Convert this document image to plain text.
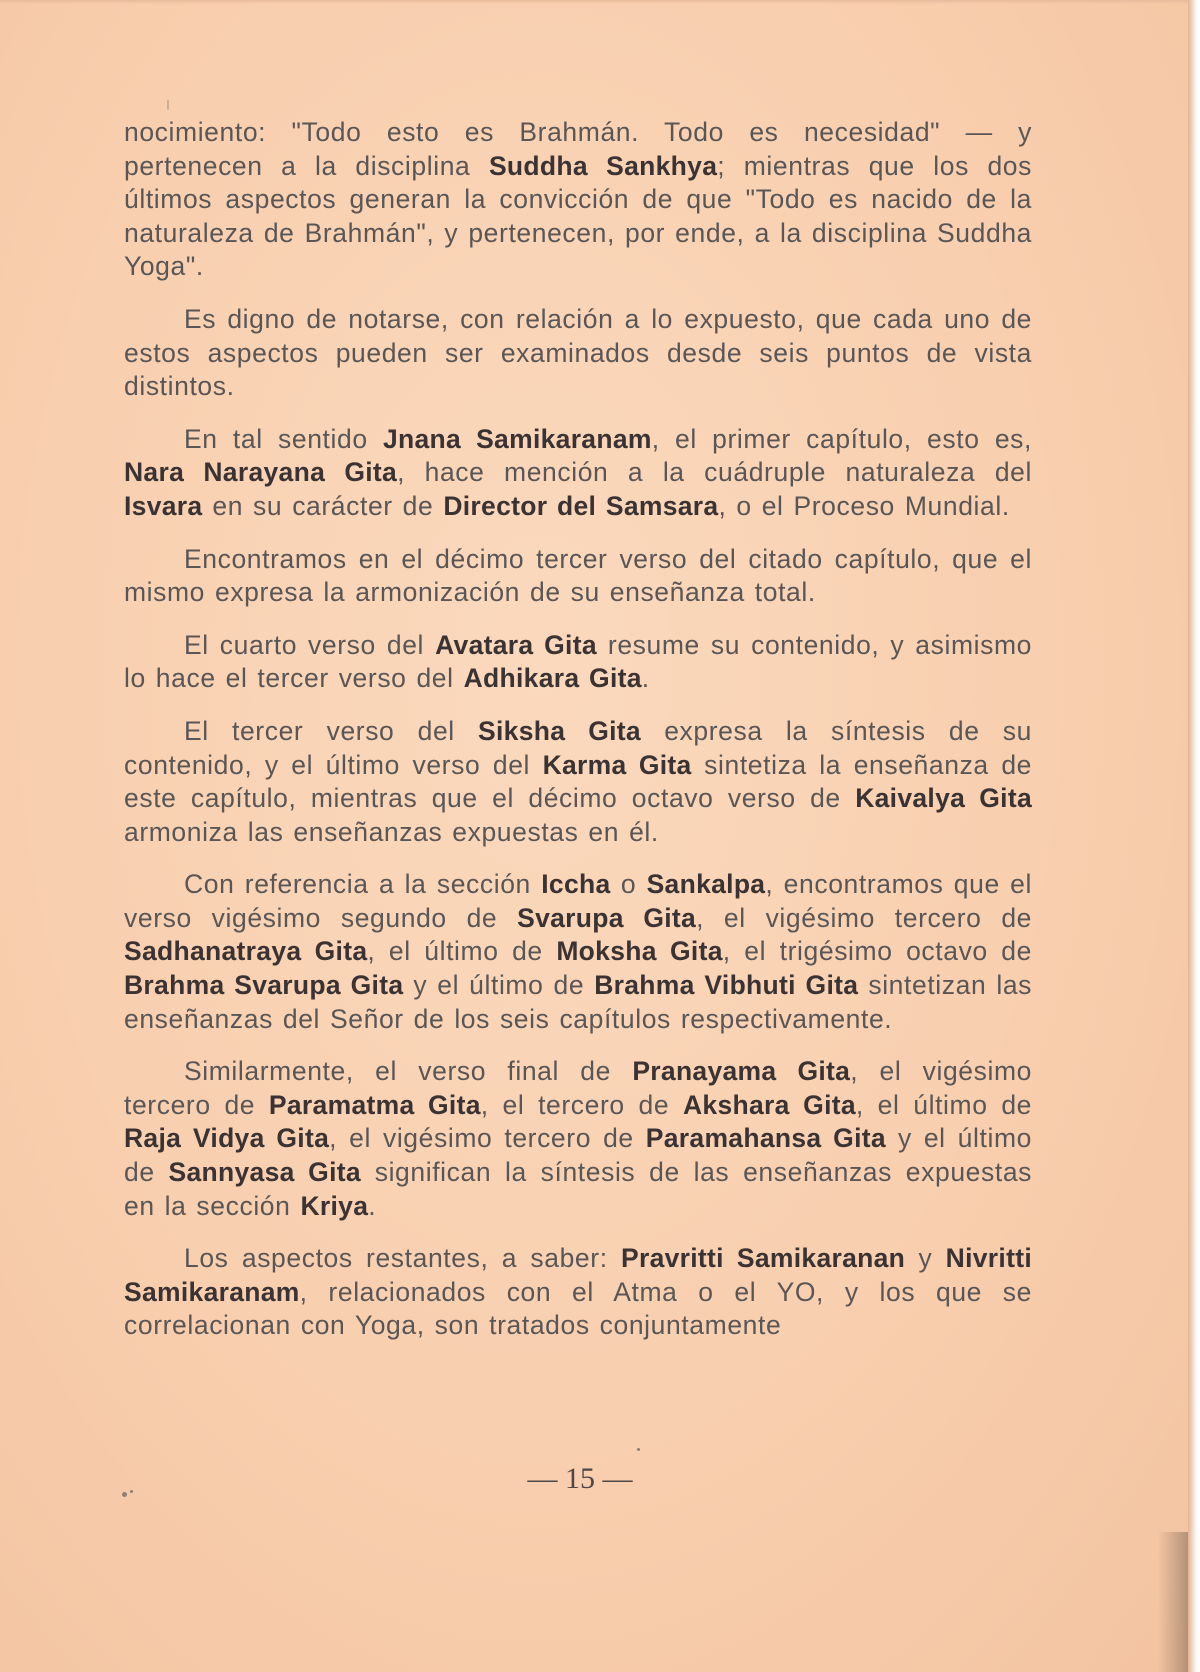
nocimiento: "Todo esto es Brahmán. Todo es necesidad" — y pertenecen a la disciplina Suddha Sankhya; mientras que los dos últimos aspectos generan la convicción de que "Todo es nacido de la naturaleza de Brahmán", y pertenecen, por ende, a la disciplina Suddha Yoga".

Es digno de notarse, con relación a lo expuesto, que cada uno de estos aspectos pueden ser examinados desde seis puntos de vista distintos.

En tal sentido Jnana Samikaranam, el primer capítulo, esto es, Nara Narayana Gita, hace mención a la cuádruple naturaleza del Isvara en su carácter de Director del Samsara, o el Proceso Mundial.

Encontramos en el décimo tercer verso del citado capítulo, que el mismo expresa la armonización de su enseñanza total.

El cuarto verso del Avatara Gita resume su contenido, y asimismo lo hace el tercer verso del Adhikara Gita.

El tercer verso del Siksha Gita expresa la síntesis de su contenido, y el último verso del Karma Gita sintetiza la enseñanza de este capítulo, mientras que el décimo octavo verso de Kaivalya Gita armoniza las enseñanzas expuestas en él.

Con referencia a la sección Iccha o Sankalpa, encontramos que el verso vigésimo segundo de Svarupa Gita, el vigésimo tercero de Sadhanatraya Gita, el último de Moksha Gita, el trigésimo octavo de Brahma Svarupa Gita y el último de Brahma Vibhuti Gita sintetizan las enseñanzas del Señor de los seis capítulos respectivamente.

Similarmente, el verso final de Pranayama Gita, el vigésimo tercero de Paramatma Gita, el tercero de Akshara Gita, el último de Raja Vidya Gita, el vigésimo tercero de Paramahansa Gita y el último de Sannyasa Gita significan la síntesis de las enseñanzas expuestas en la sección Kriya.

Los aspectos restantes, a saber: Pravritti Samikaranan y Nivritti Samikaranam, relacionados con el Atma o el YO, y los que se correlacionan con Yoga, son tratados conjuntamente

— 15 —
